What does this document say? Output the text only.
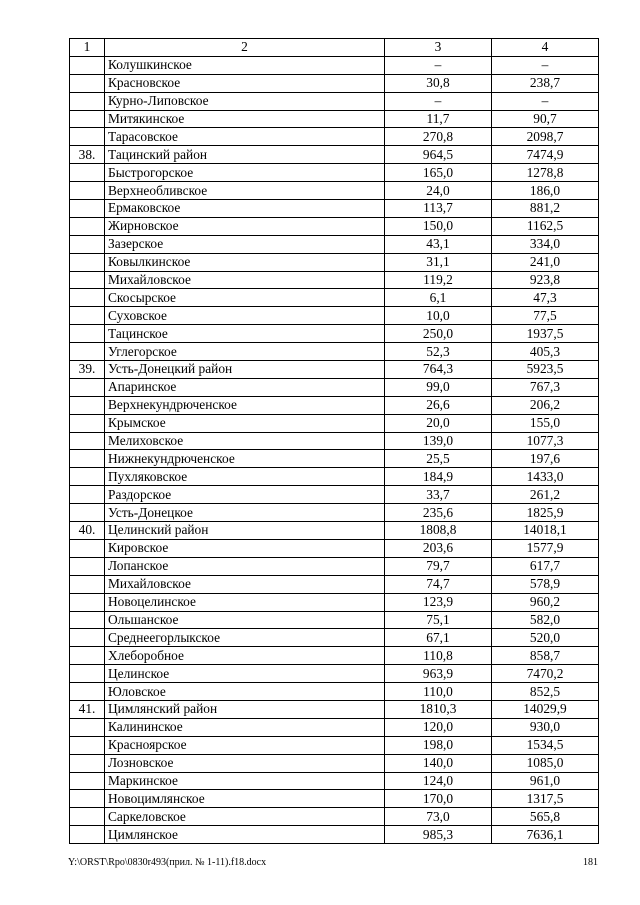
1	2	3	4
	Колушкинское	–	–
	Красновское	30,8	238,7
	Курно-Липовское	–	–
	Митякинское	11,7	90,7
	Тарасовское	270,8	2098,7
38.	Тацинский район	964,5	7474,9
	Быстрогорское	165,0	1278,8
	Верхнеобливское	24,0	186,0
	Ермаковское	113,7	881,2
	Жирновское	150,0	1162,5
	Зазерское	43,1	334,0
	Ковылкинское	31,1	241,0
	Михайловское	119,2	923,8
	Скосырское	6,1	47,3
	Суховское	10,0	77,5
	Тацинское	250,0	1937,5
	Углегорское	52,3	405,3
39.	Усть-Донецкий район	764,3	5923,5
	Апаринское	99,0	767,3
	Верхнекундрюченское	26,6	206,2
	Крымское	20,0	155,0
	Мелиховское	139,0	1077,3
	Нижнекундрюченское	25,5	197,6
	Пухляковское	184,9	1433,0
	Раздорское	33,7	261,2
	Усть-Донецкое	235,6	1825,9
40.	Целинский район	1808,8	14018,1
	Кировское	203,6	1577,9
	Лопанское	79,7	617,7
	Михайловское	74,7	578,9
	Новоцелинское	123,9	960,2
	Ольшанское	75,1	582,0
	Среднеегорлыкское	67,1	520,0
	Хлеборобное	110,8	858,7
	Целинское	963,9	7470,2
	Юловское	110,0	852,5
41.	Цимлянский район	1810,3	14029,9
	Калининское	120,0	930,0
	Красноярское	198,0	1534,5
	Лозновское	140,0	1085,0
	Маркинское	124,0	961,0
	Новоцимлянское	170,0	1317,5
	Саркеловское	73,0	565,8
	Цимлянское	985,3	7636,1
Y:\ORST\Rpo\0830r493(прил. № 1-11).f18.docx	181
